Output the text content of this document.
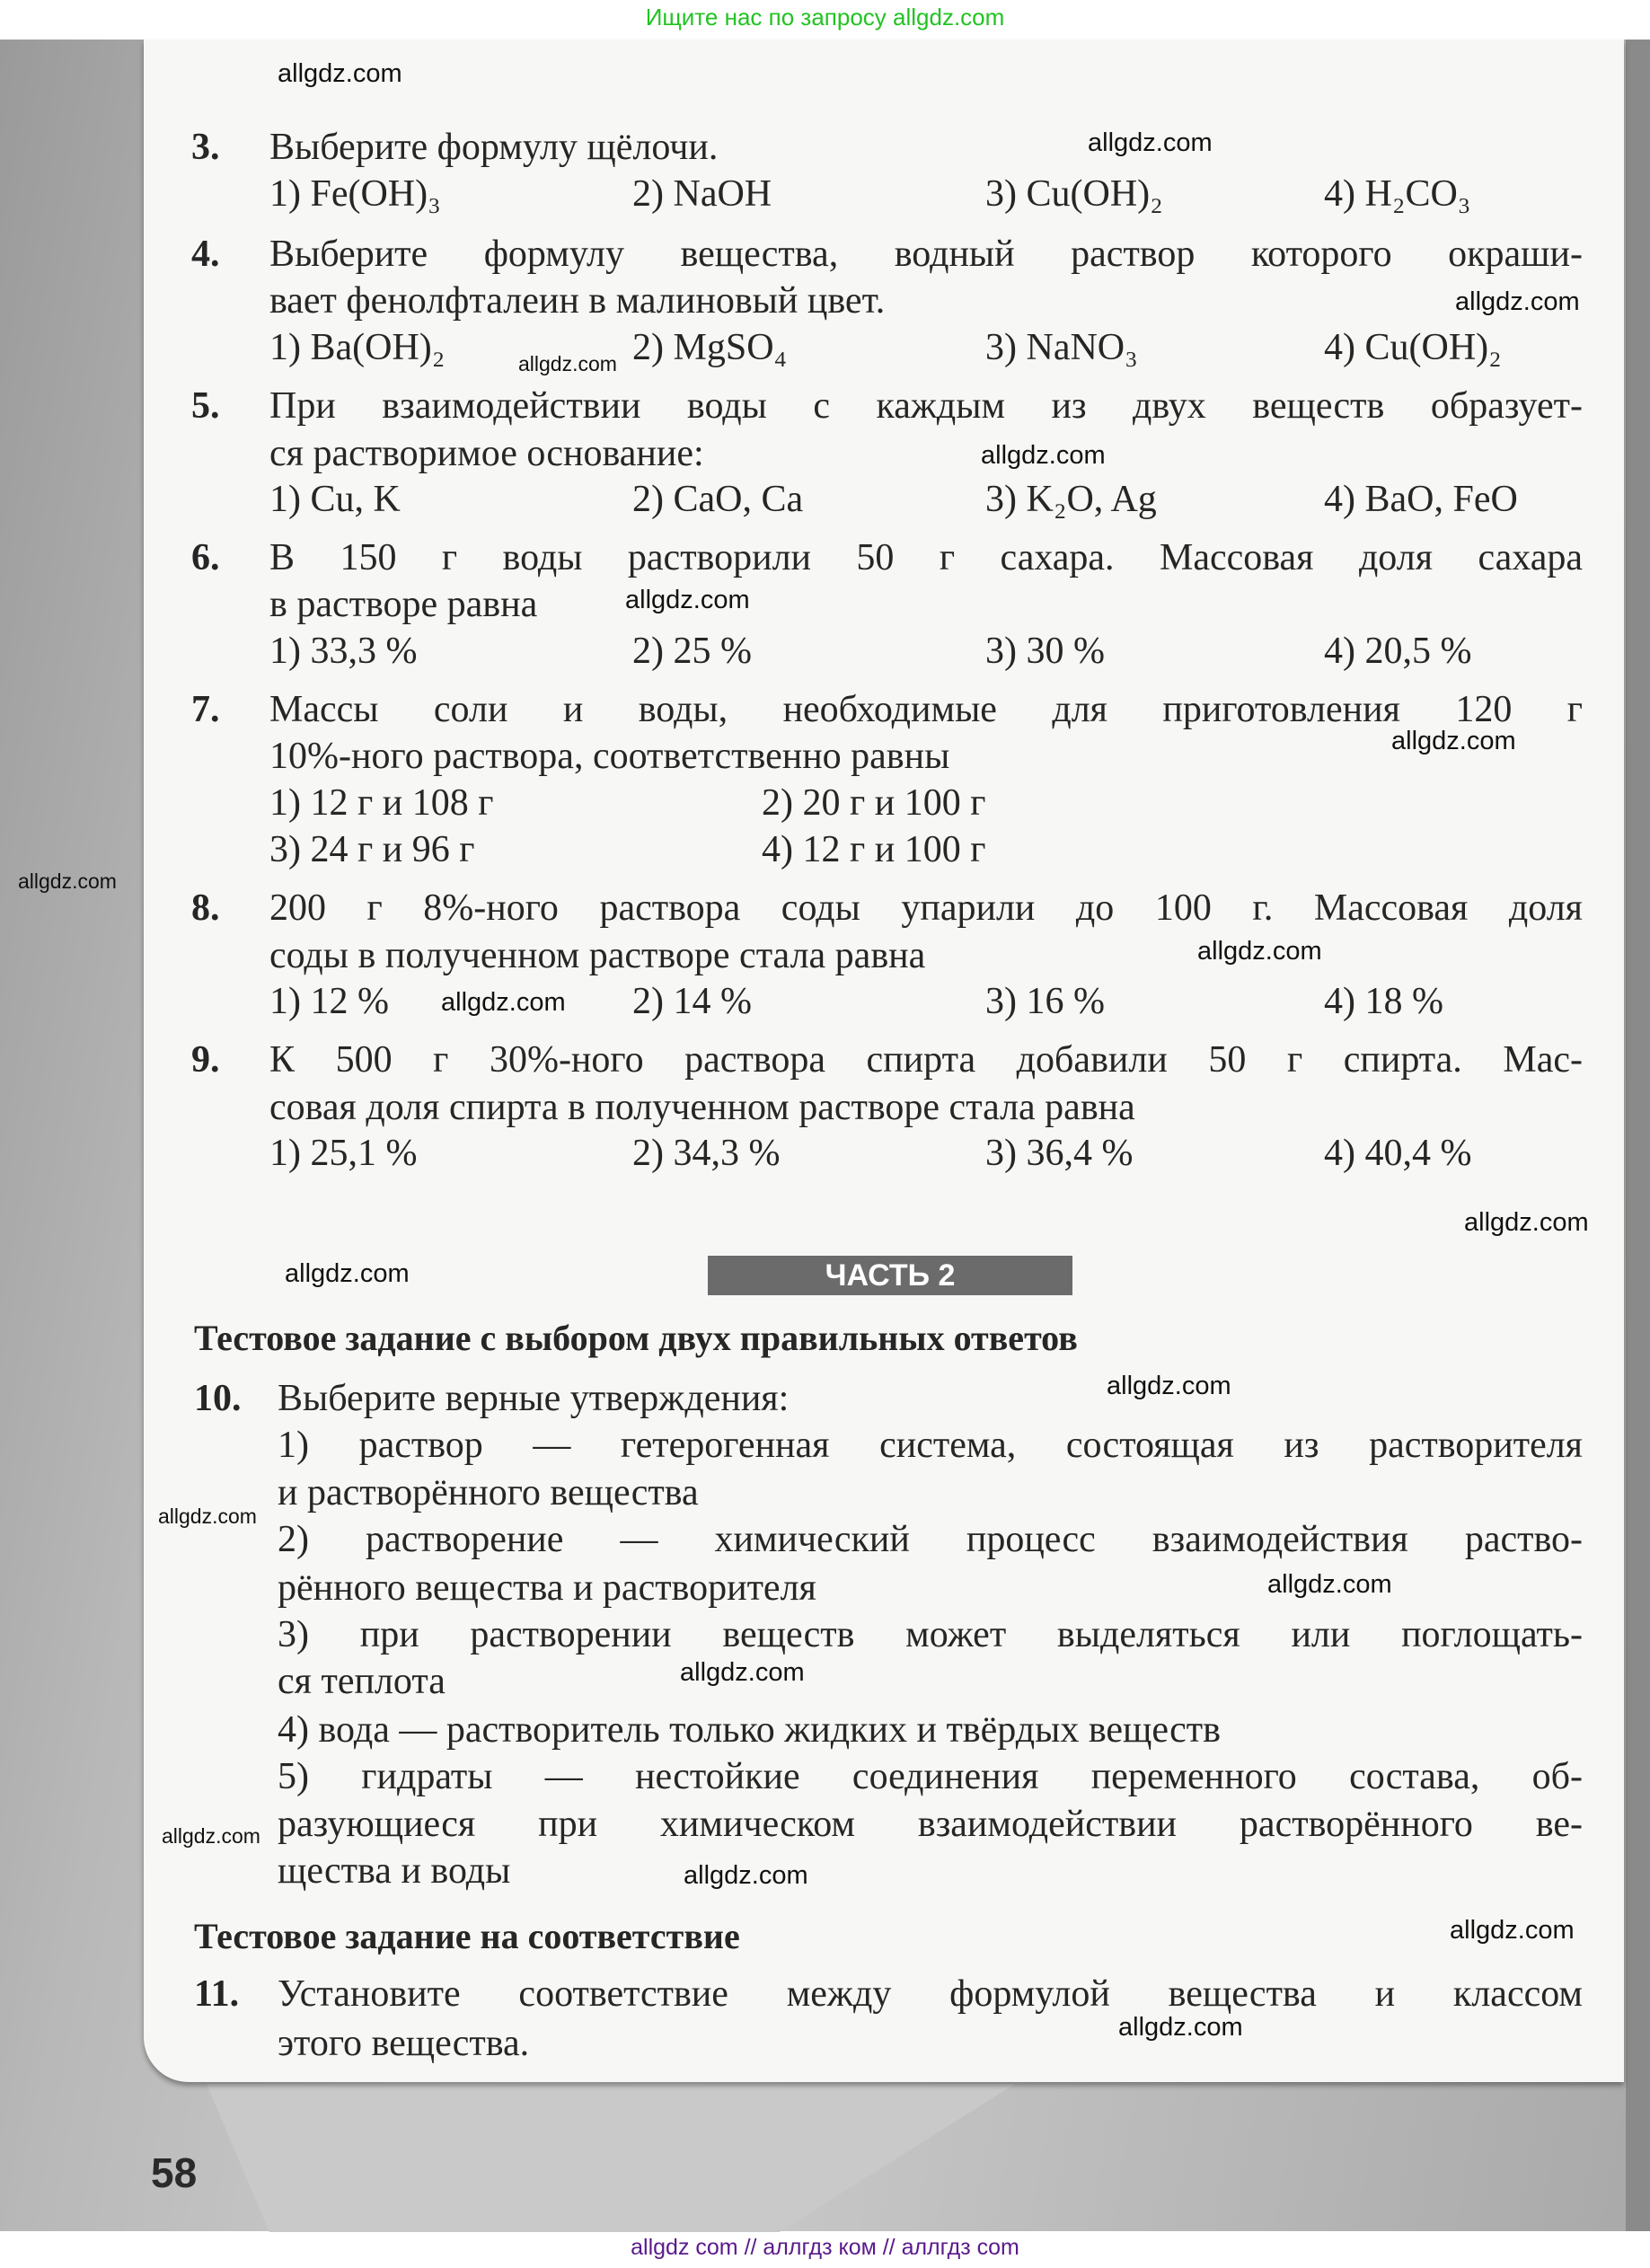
Ищите нас по запросу allgdz.com
allgdz com // аллгдз ком // аллгдз com
58
ЧАСТЬ 2
Тестовое задание с выбором двух правильных ответов
Тестовое задание на соответствие
3. Выберите формулу щёлочи.
1) Fe(OH)₃	2) NaOH	3) Cu(OH)₂	4) H₂CO₃
4. Выберите формулу вещества, водный раствор которого окраши-
вает фенолфталеин в малиновый цвет.
1) Ba(OH)₂	2) MgSO₄	3) NaNO₃	4) Cu(OH)₂
5. При взаимодействии воды с каждым из двух веществ образует-
ся растворимое основание:
1) Cu, K	2) CaO, Ca	3) K₂O, Ag	4) BaO, FeO
6. В 150 г воды растворили 50 г сахара. Массовая доля сахара
в растворе равна
1) 33,3 %	2) 25 %	3) 30 %	4) 20,5 %
7. Массы соли и воды, необходимые для приготовления 120 г
10%-ного раствора, соответственно равны
1) 12 г и 108 г	2) 20 г и 100 г
3) 24 г и 96 г	4) 12 г и 100 г
8. 200 г 8%-ного раствора соды упарили до 100 г. Массовая доля
соды в полученном растворе стала равна
1) 12 %	2) 14 %	3) 16 %	4) 18 %
9. К 500 г 30%-ного раствора спирта добавили 50 г спирта. Мас-
совая доля спирта в полученном растворе стала равна
1) 25,1 %	2) 34,3 %	3) 36,4 %	4) 40,4 %
10. Выберите верные утверждения:
1) раствор — гетерогенная система, состоящая из растворителя
и растворённого вещества
2) растворение — химический процесс взаимодействия раство-
рённого вещества и растворителя
3) при растворении веществ может выделяться или поглощать-
ся теплота
4) вода — растворитель только жидких и твёрдых веществ
5) гидраты — нестойкие соединения переменного состава, об-
разующиеся при химическом взаимодействии растворённого ве-
щества и воды
11. Установите соответствие между формулой вещества и классом
этого вещества.
allgdz.com
allgdz.com
allgdz.com
allgdz.com
allgdz.com
allgdz.com
allgdz.com
allgdz.com
allgdz.com
allgdz.com
allgdz.com
allgdz.com
allgdz.com
allgdz.com
allgdz.com
allgdz.com
allgdz.com
allgdz.com
allgdz.com
allgdz.com
